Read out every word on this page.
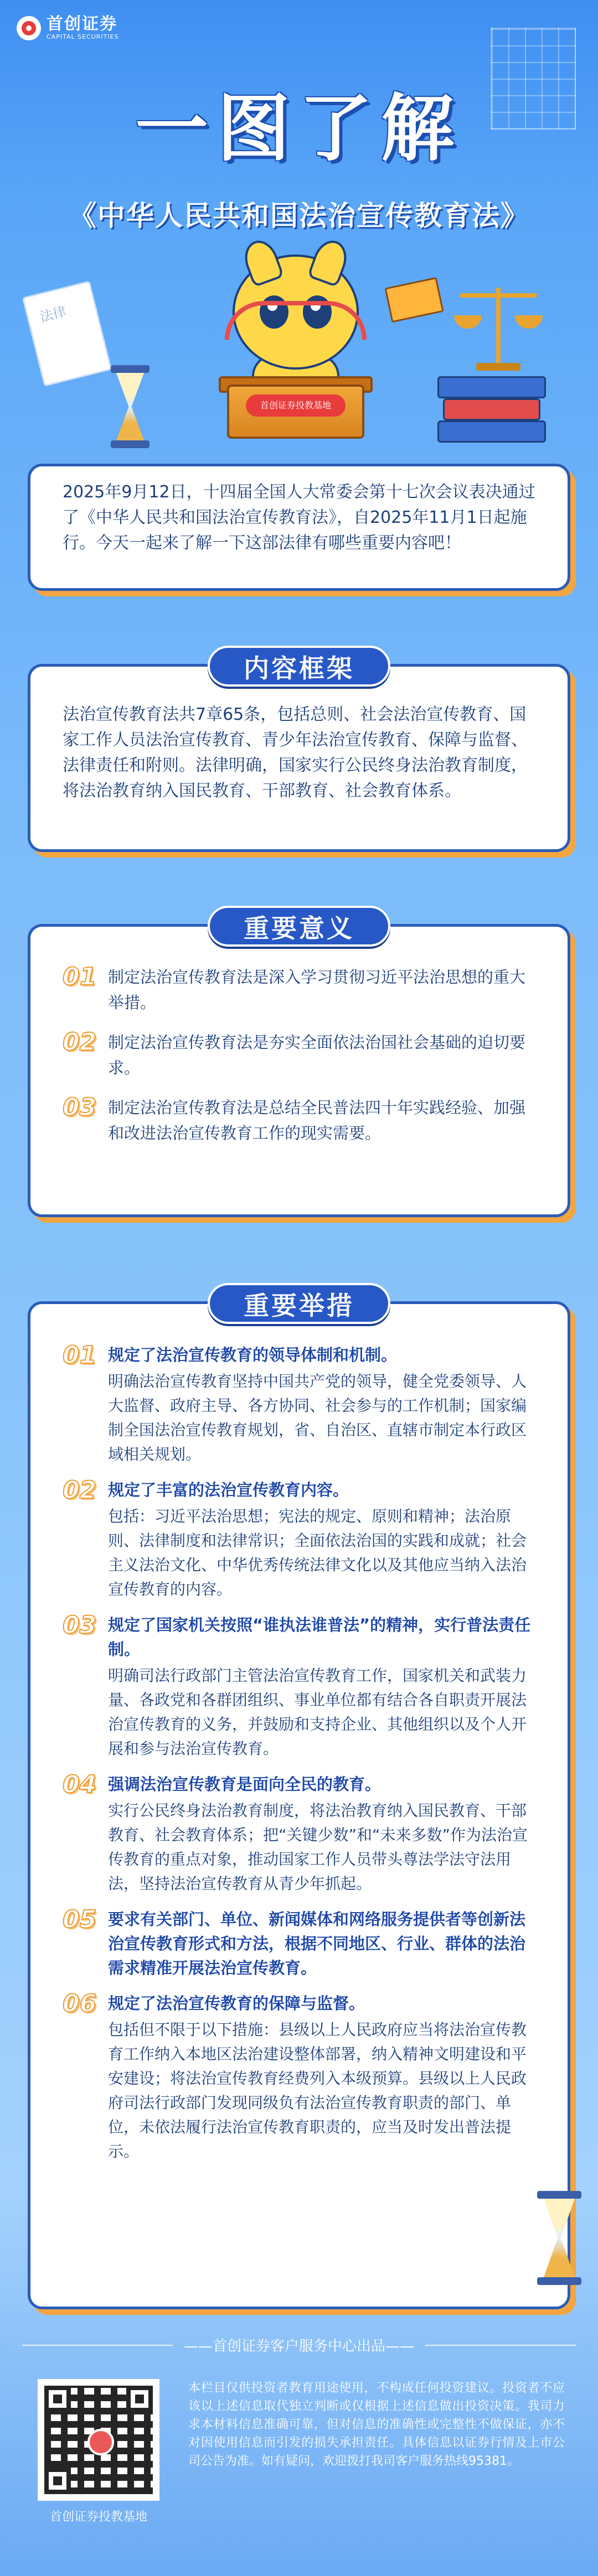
首创证券
CAPITAL SECURITIES
一图了解
《中华人民共和国法治宣传教育法》
法律
首创证券投教基地
2025年9月12日，十四届全国人大常委会第十七次会议表决通过了《中华人民共和国法治宣传教育法》，自2025年11月1日起施行。今天一起来了解一下这部法律有哪些重要内容吧！
内容框架
法治宣传教育法共7章65条，包括总则、社会法治宣传教育、国家工作人员法治宣传教育、青少年法治宣传教育、保障与监督、法律责任和附则。法律明确，国家实行公民终身法治教育制度，将法治教育纳入国民教育、干部教育、社会教育体系。
重要意义
01 制定法治宣传教育法是深入学习贯彻习近平法治思想的重大举措。
02 制定法治宣传教育法是夯实全面依法治国社会基础的迫切要求。
03 制定法治宣传教育法是总结全民普法四十年实践经验、加强和改进法治宣传教育工作的现实需要。
重要举措
01 规定了法治宣传教育的领导体制和机制。
明确法治宣传教育坚持中国共产党的领导，健全党委领导、人大监督、政府主导、各方协同、社会参与的工作机制；国家编制全国法治宣传教育规划，省、自治区、直辖市制定本行政区域相关规划。
02 规定了丰富的法治宣传教育内容。
包括：习近平法治思想；宪法的规定、原则和精神；法治原则、法律制度和法律常识；全面依法治国的实践和成就；社会主义法治文化、中华优秀传统法律文化以及其他应当纳入法治宣传教育的内容。
03 规定了国家机关按照“谁执法谁普法”的精神，实行普法责任制。
明确司法行政部门主管法治宣传教育工作，国家机关和武装力量、各政党和各群团组织、事业单位都有结合各自职责开展法治宣传教育的义务，并鼓励和支持企业、其他组织以及个人开展和参与法治宣传教育。
04 强调法治宣传教育是面向全民的教育。
实行公民终身法治教育制度，将法治教育纳入国民教育、干部教育、社会教育体系；把“关键少数”和“未来多数”作为法治宣传教育的重点对象，推动国家工作人员带头尊法学法守法用法，坚持法治宣传教育从青少年抓起。
05 要求有关部门、单位、新闻媒体和网络服务提供者等创新法治宣传教育形式和方法，根据不同地区、行业、群体的法治需求精准开展法治宣传教育。
06 规定了法治宣传教育的保障与监督。
包括但不限于以下措施：县级以上人民政府应当将法治宣传教育工作纳入本地区法治建设整体部署，纳入精神文明建设和平安建设；将法治宣传教育经费列入本级预算。县级以上人民政府司法行政部门发现同级负有法治宣传教育职责的部门、单位，未依法履行法治宣传教育职责的，应当及时发出普法提示。
——首创证券客户服务中心出品——
首创证券投教基地
本栏目仅供投资者教育用途使用，不构成任何投资建议。投资者不应该以上述信息取代独立判断或仅根据上述信息做出投资决策。我司力求本材料信息准确可靠，但对信息的准确性或完整性不做保证，亦不对因使用信息而引发的损失承担责任。具体信息以证券行情及上市公司公告为准。如有疑问，欢迎拨打我司客户服务热线95381。
